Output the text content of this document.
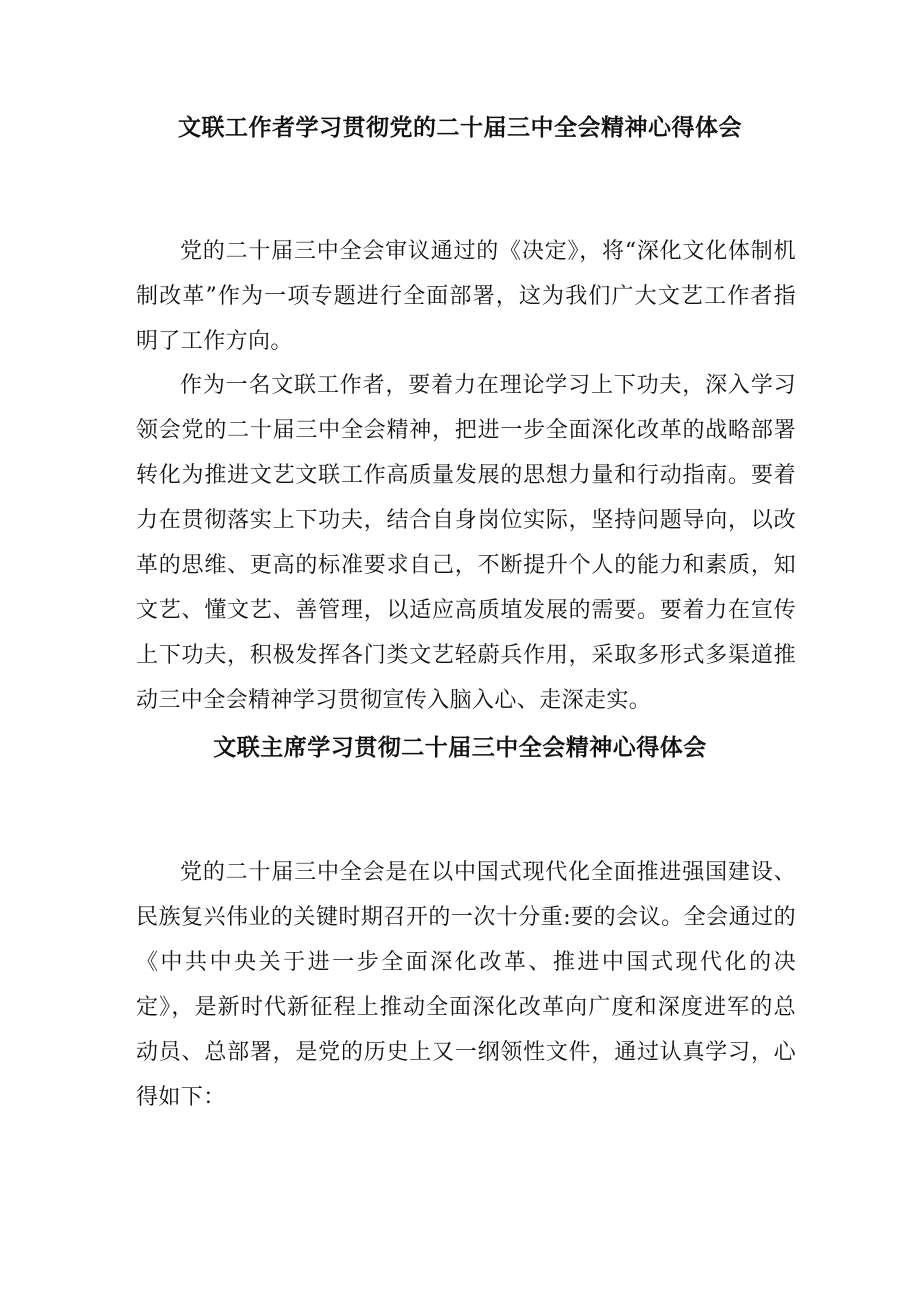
文联工作者学习贯彻党的二十届三中全会精神心得体会

党的二十届三中全会审议通过的《决定》，将“深化文化体制机制改革”作为一项专题进行全面部署，这为我们广大文艺工作者指明了工作方向。

作为一名文联工作者，要着力在理论学习上下功夫，深入学习领会党的二十届三中全会精神，把进一步全面深化改革的战略部署转化为推进文艺文联工作高质量发展的思想力量和行动指南。要着力在贯彻落实上下功夫，结合自身岗位实际，坚持问题导向，以改革的思维、更高的标准要求自己，不断提升个人的能力和素质，知文艺、懂文艺、善管理，以适应高质埴发展的需要。要着力在宣传上下功夫，积极发挥各门类文艺轻蔚兵作用，采取多形式多渠道推动三中全会精神学习贯彻宣传入脑入心、走深走实。

文联主席学习贯彻二十届三中全会精神心得体会

党的二十届三中全会是在以中国式现代化全面推进强国建设、民族复兴伟业的关键时期召开的一次十分重:要的会议。全会通过的《中共中央关于进一步全面深化改革、推进中国式现代化的决定》，是新时代新征程上推动全面深化改革向广度和深度进军的总动员、总部署，是党的历史上又一纲领性文件，通过认真学习，心得如下：
